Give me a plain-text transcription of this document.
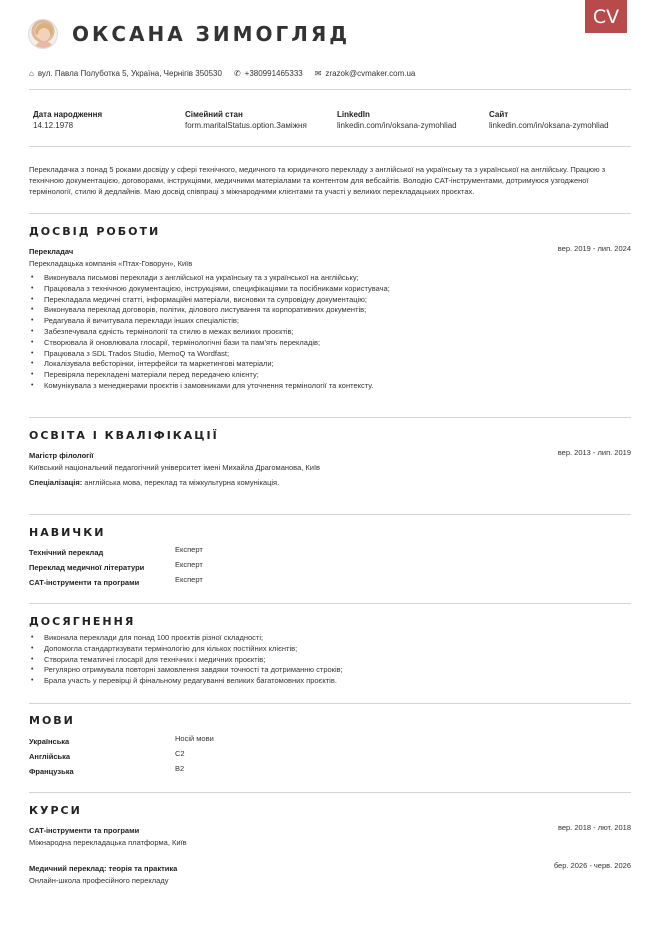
CV
ОКСАНА ЗИМОГЛЯД
⌂ вул. Павла Полуботка 5, Україна, Чернігів 350530 ✆ +380991465333 ✉ zrazok@cvmaker.com.ua
Дата народження
14.12.1978
Сімейний стан
form.maritalStatus.option.Заміжня
LinkedIn
linkedin.com/in/oksana-zymohliad
Сайт
linkedin.com/in/oksana-zymohliad
Перекладачка з понад 5 роками досвіду у сфері технічного, медичного та юридичного перекладу з англійської на українську та з української на англійську. Працюю з технічною документацією, договорами, інструкціями, медичними матеріалами та контентом для вебсайтів. Володію CAT-інструментами, дотримуюся узгодженої термінології, стилю й дедлайнів. Маю досвід співпраці з міжнародними клієнтами та участі у великих перекладацьких проєктах.
ДОСВІД РОБОТИ
Перекладач	вер. 2019 - лип. 2024
Перекладацька компанія «Птах-Говорун», Київ
• Виконувала письмові переклади з англійської на українську та з української на англійську;
• Працювала з технічною документацією, інструкціями, специфікаціями та посібниками користувача;
• Перекладала медичні статті, інформаційні матеріали, висновки та супровідну документацію;
• Виконувала переклад договорів, політик, ділового листування та корпоративних документів;
• Редагувала й вичитувала переклади інших спеціалістів;
• Забезпечувала єдність термінології та стилю в межах великих проєктів;
• Створювала й оновлювала глосарії, термінологічні бази та пам’ять перекладів;
• Працювала з SDL Trados Studio, MemoQ та Wordfast;
• Локалізувала вебсторінки, інтерфейси та маркетингові матеріали;
• Перевіряла перекладені матеріали перед передачею клієнту;
• Комунікувала з менеджерами проєктів і замовниками для уточнення термінології та контексту.
ОСВІТА І КВАЛІФІКАЦІЇ
Магістр філології	вер. 2013 - лип. 2019
Київський національний педагогічний університет імені Михайла Драгоманова, Київ
Спеціалізація: англійська мова, переклад та міжкультурна комунікація.
НАВИЧКИ
Технічний переклад	Експерт
Переклад медичної літератури	Експерт
CAT-інструменти та програми	Експерт
ДОСЯГНЕННЯ
• Виконала переклади для понад 100 проєктів різної складності;
• Допомогла стандартизувати термінологію для кількох постійних клієнтів;
• Створила тематичні глосарії для технічних і медичних проєктів;
• Регулярно отримувала повторні замовлення завдяки точності та дотриманню строків;
• Брала участь у перевірці й фінальному редагуванні великих багатомовних проєктів.
МОВИ
Українська	Носій мови
Англійська	C2
Французька	B2
КУРСИ
CAT-інструменти та програми	вер. 2018 - лют. 2018
Міжнародна перекладацька платформа, Київ
Медичний переклад: теорія та практика	бер. 2026 - черв. 2026
Онлайн-школа професійного перекладу
